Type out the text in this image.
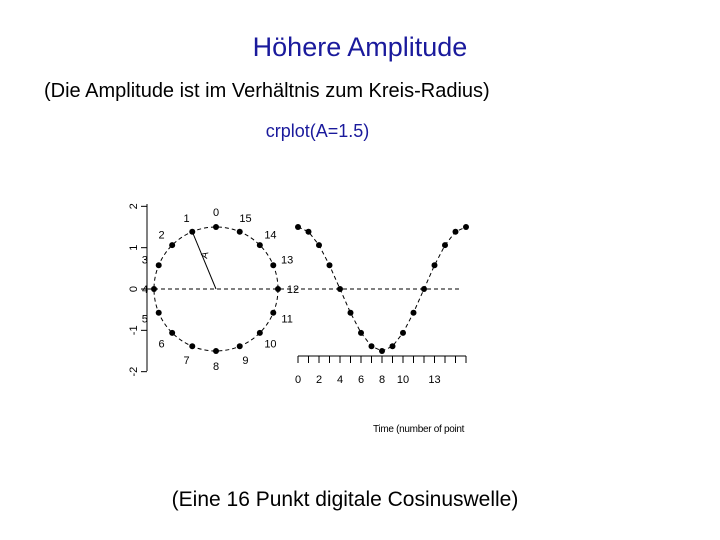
Höhere Amplitude
(Die Amplitude ist im Verhältnis zum Kreis-Radius)
crplot(A=1.5)
-2
-1
0
1
2
A
0
1
2
3
4
5
6
7 8 9
10
11
12
13
14
15
0 2 4 6 8 10 13
Time (number of point
(Eine 16 Punkt digitale Cosinuswelle)
